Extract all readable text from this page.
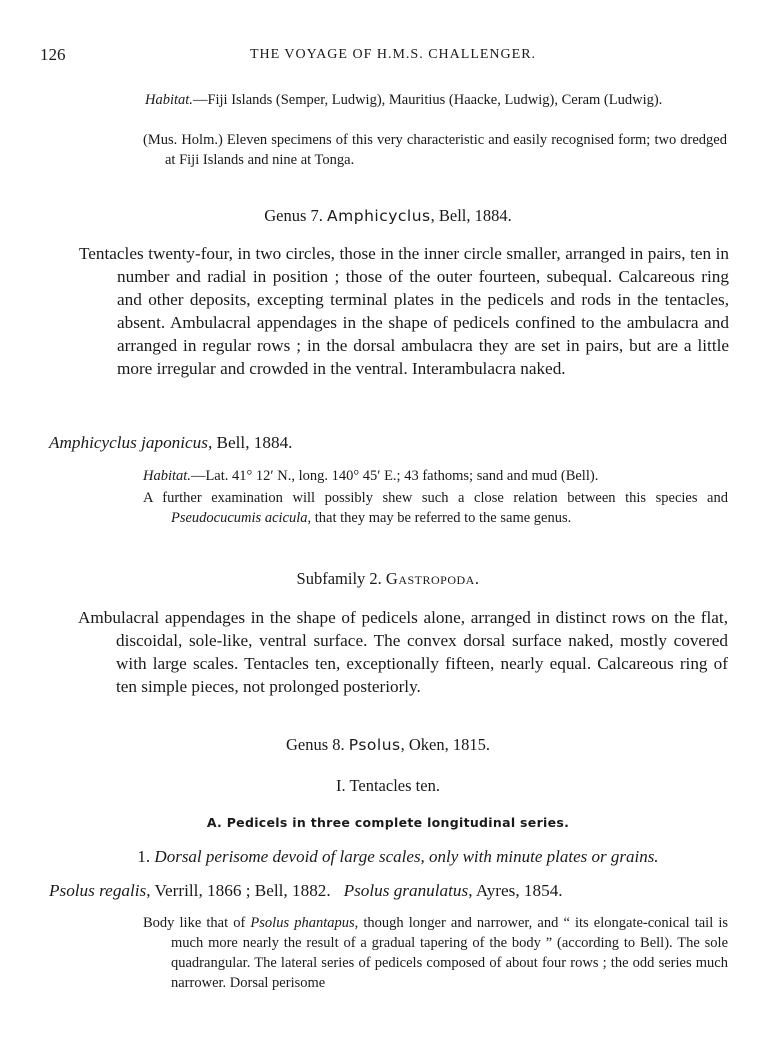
126	THE VOYAGE OF H.M.S. CHALLENGER.

Habitat.—Fiji Islands (Semper, Ludwig), Mauritius (Haacke, Ludwig), Ceram (Ludwig).

(Mus. Holm.) Eleven specimens of this very characteristic and easily recognised form; two dredged at Fiji Islands and nine at Tonga.

Genus 7. Amphicyclus, Bell, 1884.

Tentacles twenty-four, in two circles, those in the inner circle smaller, arranged in pairs, ten in number and radial in position ; those of the outer fourteen, subequal. Calcareous ring and other deposits, excepting terminal plates in the pedicels and rods in the tentacles, absent. Ambulacral appendages in the shape of pedicels confined to the ambulacra and arranged in regular rows ; in the dorsal ambulacra they are set in pairs, but are a little more irregular and crowded in the ventral. Interambulacra naked.

Amphicyclus japonicus, Bell, 1884.

Habitat.—Lat. 41° 12′ N., long. 140° 45′ E.; 43 fathoms; sand and mud (Bell).

A further examination will possibly shew such a close relation between this species and Pseudocucumis acicula, that they may be referred to the same genus.

Subfamily 2. Gastropoda.

Ambulacral appendages in the shape of pedicels alone, arranged in distinct rows on the flat, discoidal, sole-like, ventral surface. The convex dorsal surface naked, mostly covered with large scales. Tentacles ten, exceptionally fifteen, nearly equal. Calcareous ring of ten simple pieces, not prolonged posteriorly.

Genus 8. Psolus, Oken, 1815.
I. Tentacles ten.
A. Pedicels in three complete longitudinal series.
1. Dorsal perisome devoid of large scales, only with minute plates or grains.

Psolus regalis, Verrill, 1866 ; Bell, 1882. Psolus granulatus, Ayres, 1854.

Body like that of Psolus phantapus, though longer and narrower, and “ its elongate-conical tail is much more nearly the result of a gradual tapering of the body ” (according to Bell). The sole quadrangular. The lateral series of pedicels composed of about four rows ; the odd series much narrower. Dorsal perisome
